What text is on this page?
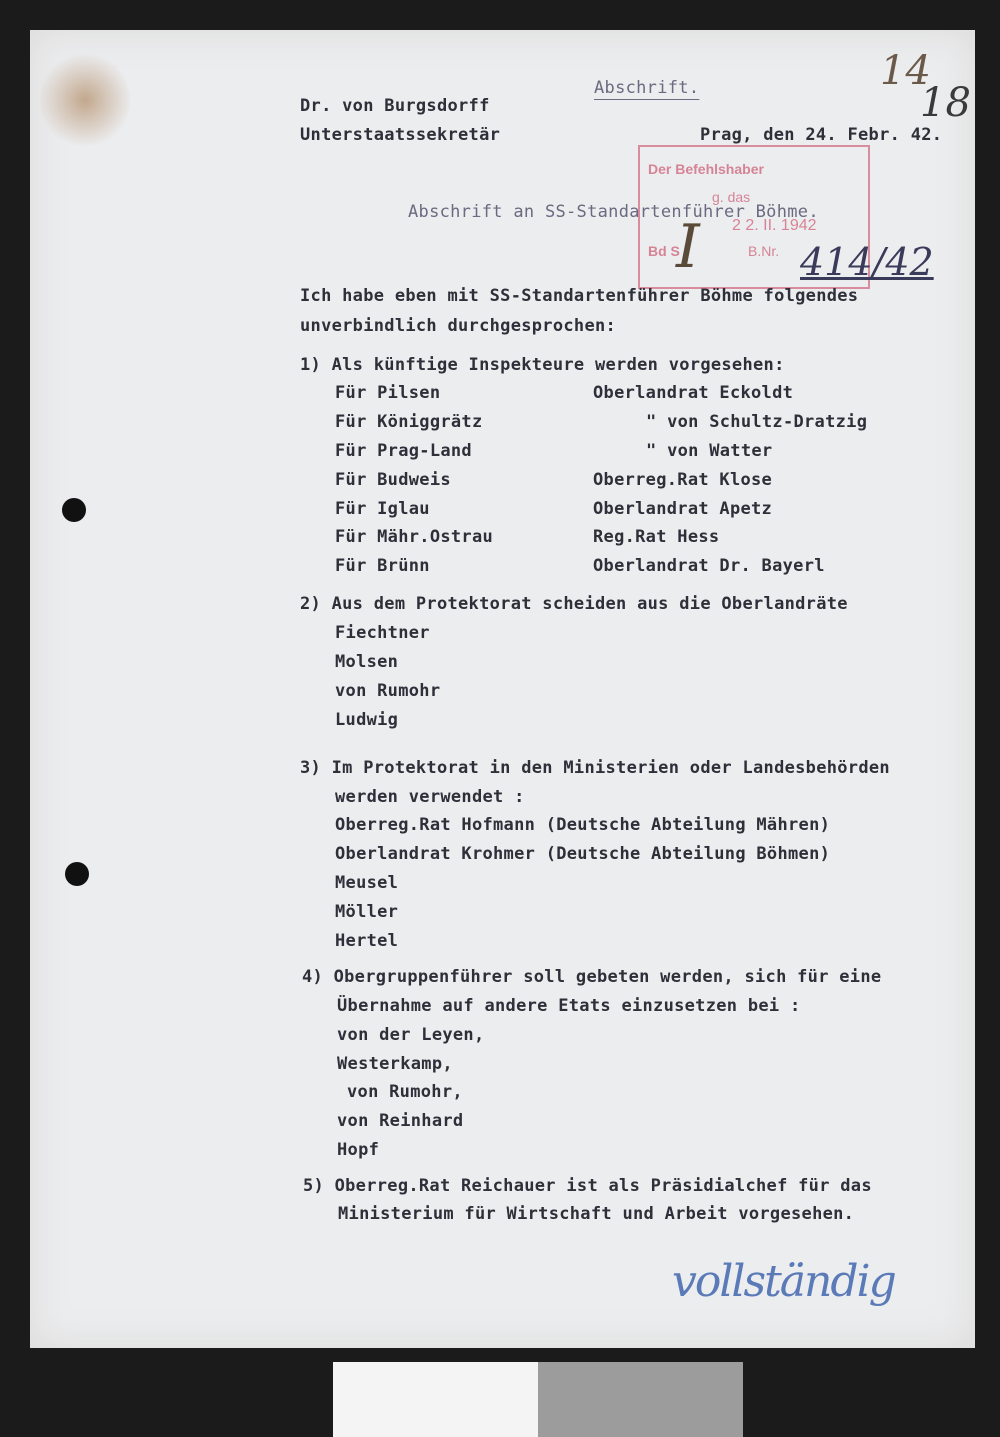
Der Befehlshaber
g. das
2 2. II. 1942
Bd S	B.Nr.
14
18
I	414/42
vollständig
Abschrift.
Dr. von Burgsdorff
Unterstaatssekretär	Prag, den 24. Febr. 42.
Abschrift an SS-Standartenführer Böhme.
Ich habe eben mit SS-Standartenführer Böhme folgendes
unverbindlich durchgesprochen:
1) Als künftige Inspekteure werden vorgesehen:
Für Pilsen	Oberlandrat Eckoldt
Für Königgrätz	" von Schultz-Dratzig
Für Prag-Land	" von Watter
Für Budweis	Oberreg.Rat Klose
Für Iglau	Oberlandrat Apetz
Für Mähr.Ostrau	Reg.Rat Hess
Für Brünn	Oberlandrat Dr. Bayerl
2) Aus dem Protektorat scheiden aus die Oberlandräte
Fiechtner
Molsen
von Rumohr
Ludwig
3) Im Protektorat in den Ministerien oder Landesbehörden
werden verwendet :
Oberreg.Rat Hofmann (Deutsche Abteilung Mähren)
Oberlandrat Krohmer (Deutsche Abteilung Böhmen)
Meusel
Möller
Hertel
4) Obergruppenführer soll gebeten werden, sich für eine
Übernahme auf andere Etats einzusetzen bei :
von der Leyen,
Westerkamp,
von Rumohr,
von Reinhard
Hopf
5) Oberreg.Rat Reichauer ist als Präsidialchef für das
Ministerium für Wirtschaft und Arbeit vorgesehen.
